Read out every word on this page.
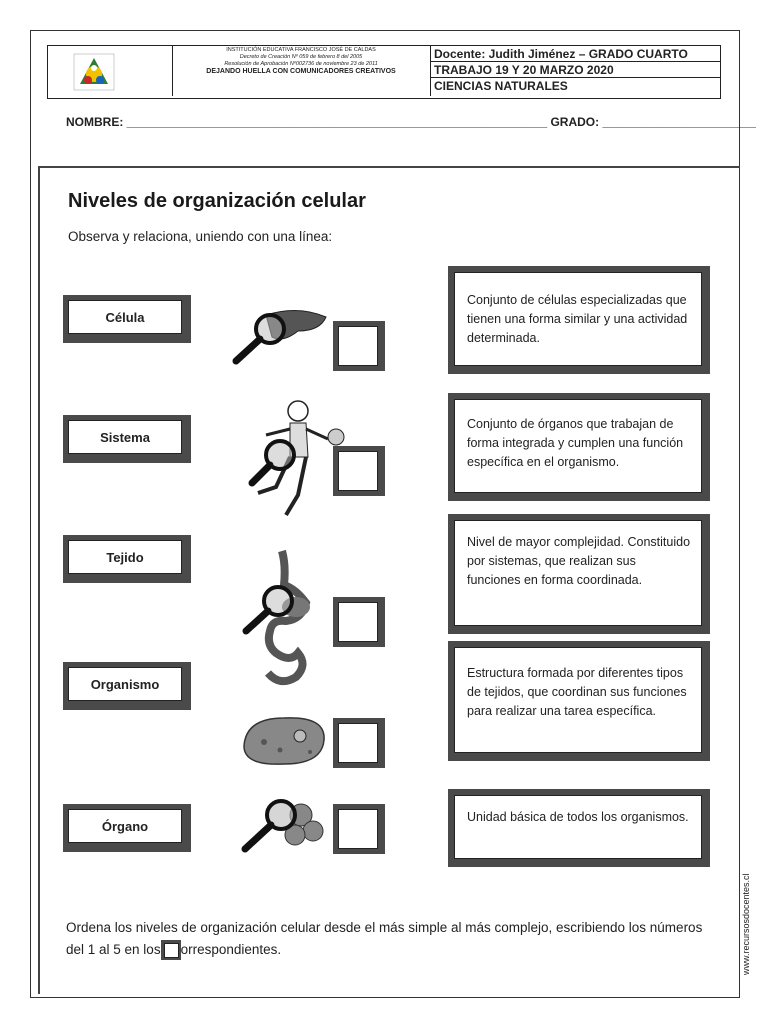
INSTITUCIÓN EDUCATIVA FRANCISCO JOSÉ DE CALDAS
Decreto de Creación Nº 059 de febrero 8 del 2005
Resolución de Aprobación Nº002736 de noviembre 23 de 2011
DEJANDO HUELLA CON COMUNICADORES CREATIVOS
Docente: Judith Jiménez – GRADO CUARTO
TRABAJO 19 Y 20 MARZO 2020
CIENCIAS NATURALES
NOMBRE: _______________________________________________________________ GRADO: _______________________
Niveles de organización celular
Observa y relaciona, uniendo con una línea:
Célula
Sistema
Tejido
Organismo
Órgano
Conjunto de células especializadas que tienen una forma similar y una actividad determinada.
Conjunto de órganos que trabajan de forma integrada y cumplen una función específica en el organismo.
Nivel de mayor complejidad. Constituido por sistemas, que realizan sus funciones en forma coordinada.
Estructura formada por diferentes tipos de tejidos, que coordinan sus funciones para realizar una tarea específica.
Unidad básica de todos los organismos.
Ordena los niveles de organización celular desde el más simple al más complejo, escribiendo los números del 1 al 5 en los orrespondientes.	www.recursosdocentes.cl
